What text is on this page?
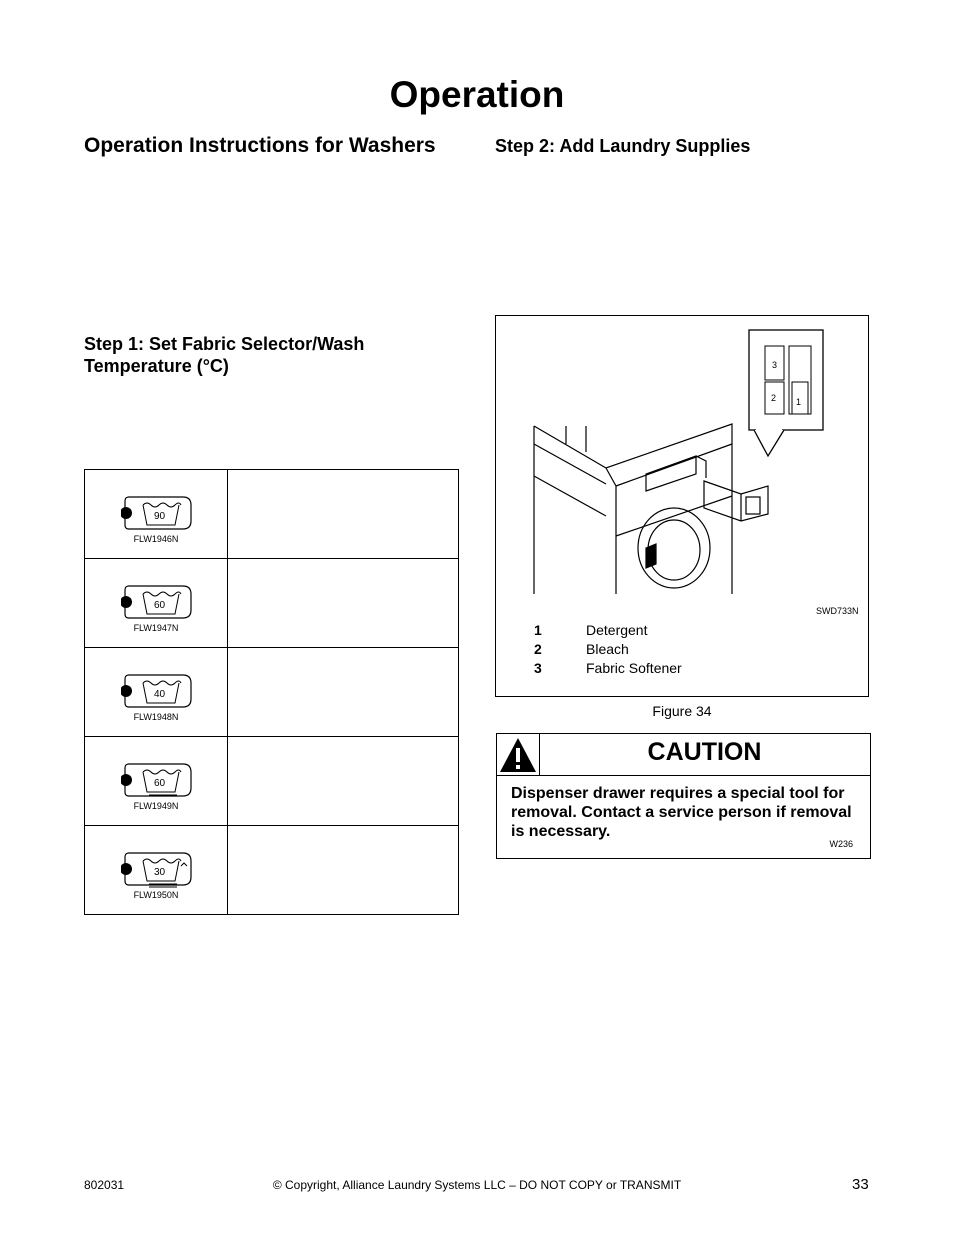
Operation
Operation Instructions for Washers	Step 2: Add Laundry Supplies
Step 1: Set Fabric Selector/Wash Temperature (°C)
90
FLW1946N	

60
FLW1947N	

40
FLW1948N	

60
FLW1949N	

30
FLW1950N	

3
2 1
SWD733N
1	Detergent
2	Bleach
3	Fabric Softener
Figure 34
CAUTION
Dispenser drawer requires a special tool for removal. Contact a service person if removal is necessary.
W236
802031	© Copyright, Alliance Laundry Systems LLC – DO NOT COPY or TRANSMIT	33
